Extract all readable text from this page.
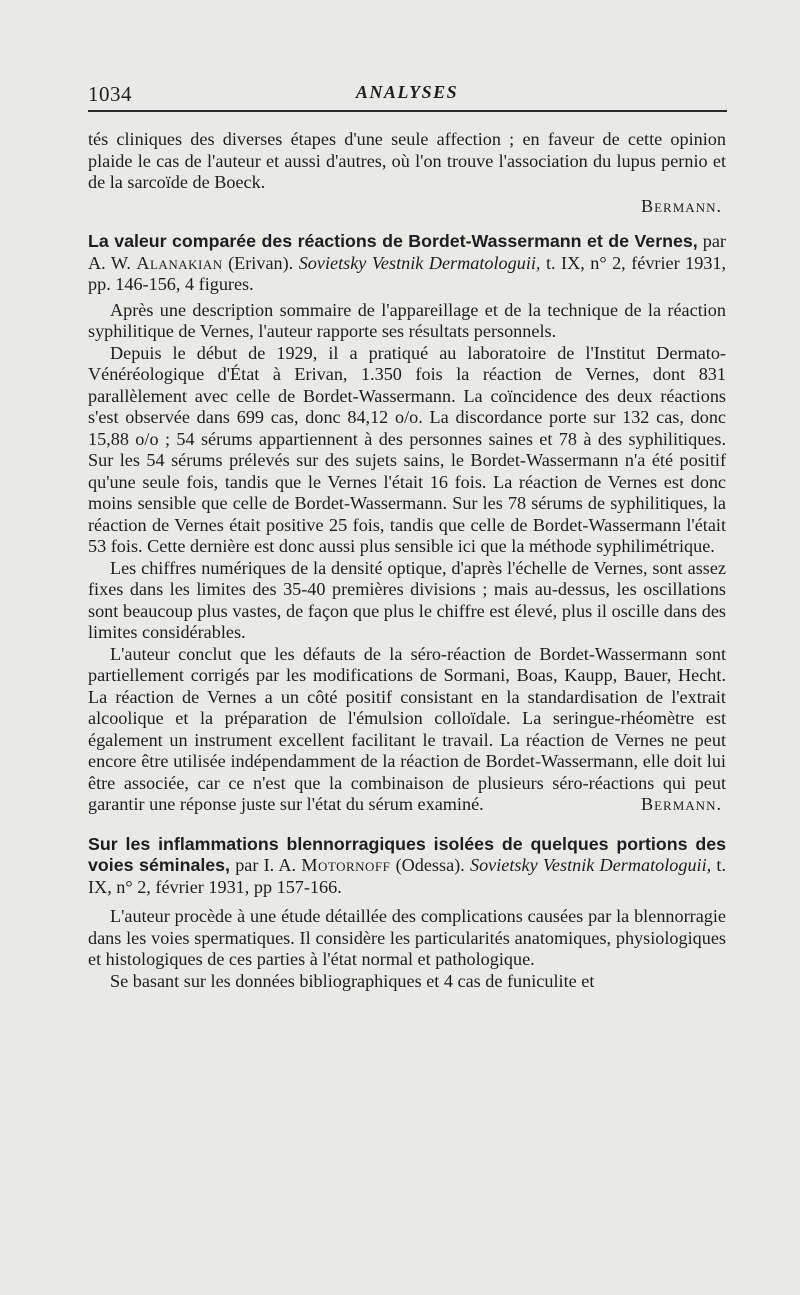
1034	ANALYSES

tés cliniques des diverses étapes d'une seule affection ; en faveur de cette opinion plaide le cas de l'auteur et aussi d'autres, où l'on trouve l'association du lupus pernio et de la sarcoïde de Boeck.

Bermann.

La valeur comparée des réactions de Bordet-Wassermann et de Vernes, par A. W. Alanakian (Erivan). Sovietsky Vestnik Dermatologuii, t. IX, n° 2, février 1931, pp. 146-156, 4 figures.

Après une description sommaire de l'appareillage et de la technique de la réaction syphilitique de Vernes, l'auteur rapporte ses résultats personnels.

Depuis le début de 1929, il a pratiqué au laboratoire de l'Institut Dermato-Vénéréologique d'État à Erivan, 1.350 fois la réaction de Vernes, dont 831 parallèlement avec celle de Bordet-Wassermann. La coïncidence des deux réactions s'est observée dans 699 cas, donc 84,12 o/o. La discordance porte sur 132 cas, donc 15,88 o/o ; 54 sérums appartiennent à des personnes saines et 78 à des syphilitiques. Sur les 54 sérums prélevés sur des sujets sains, le Bordet-Wassermann n'a été positif qu'une seule fois, tandis que le Vernes l'était 16 fois. La réaction de Vernes est donc moins sensible que celle de Bordet-Wassermann. Sur les 78 sérums de syphilitiques, la réaction de Vernes était positive 25 fois, tandis que celle de Bordet-Wassermann l'était 53 fois. Cette dernière est donc aussi plus sensible ici que la méthode syphilimétrique.

Les chiffres numériques de la densité optique, d'après l'échelle de Vernes, sont assez fixes dans les limites des 35-40 premières divisions ; mais au-dessus, les oscillations sont beaucoup plus vastes, de façon que plus le chiffre est élevé, plus il oscille dans des limites considérables.

L'auteur conclut que les défauts de la séro-réaction de Bordet-Wassermann sont partiellement corrigés par les modifications de Sormani, Boas, Kaupp, Bauer, Hecht. La réaction de Vernes a un côté positif consistant en la standardisation de l'extrait alcoolique et la préparation de l'émulsion colloïdale. La seringue-rhéomètre est également un instrument excellent facilitant le travail. La réaction de Vernes ne peut encore être utilisée indépendamment de la réaction de Bordet-Wassermann, elle doit lui être associée, car ce n'est que la combinaison de plusieurs séro-réactions qui peut garantir une réponse juste sur l'état du sérum examiné.	Bermann.

Sur les inflammations blennorragiques isolées de quelques portions des voies séminales, par I. A. Motornoff (Odessa). Sovietsky Vestnik Dermatologuii, t. IX, n° 2, février 1931, pp 157-166.

L'auteur procède à une étude détaillée des complications causées par la blennorragie dans les voies spermatiques. Il considère les particularités anatomiques, physiologiques et histologiques de ces parties à l'état normal et pathologique.

Se basant sur les données bibliographiques et 4 cas de funiculite et
